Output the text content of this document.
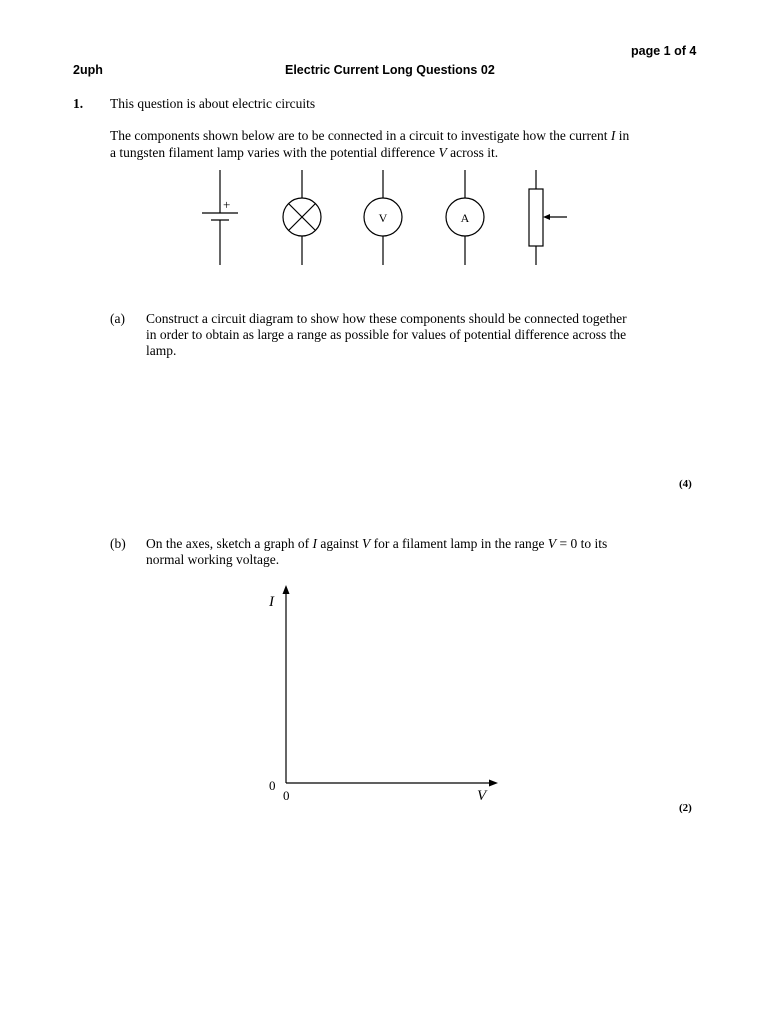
page 1 of 4
2uph	Electric Current Long Questions 02
1. This question is about electric circuits
The components shown below are to be connected in a circuit to investigate how the current I in
a tungsten filament lamp varies with the potential difference V across it.
+
V	A
(a) Construct a circuit diagram to show how these components should be connected together
in order to obtain as large a range as possible for values of potential difference across the
lamp.
(4)
(b) On the axes, sketch a graph of I against V for a filament lamp in the range V = 0 to its
normal working voltage.
I
V
0
0
(2)
